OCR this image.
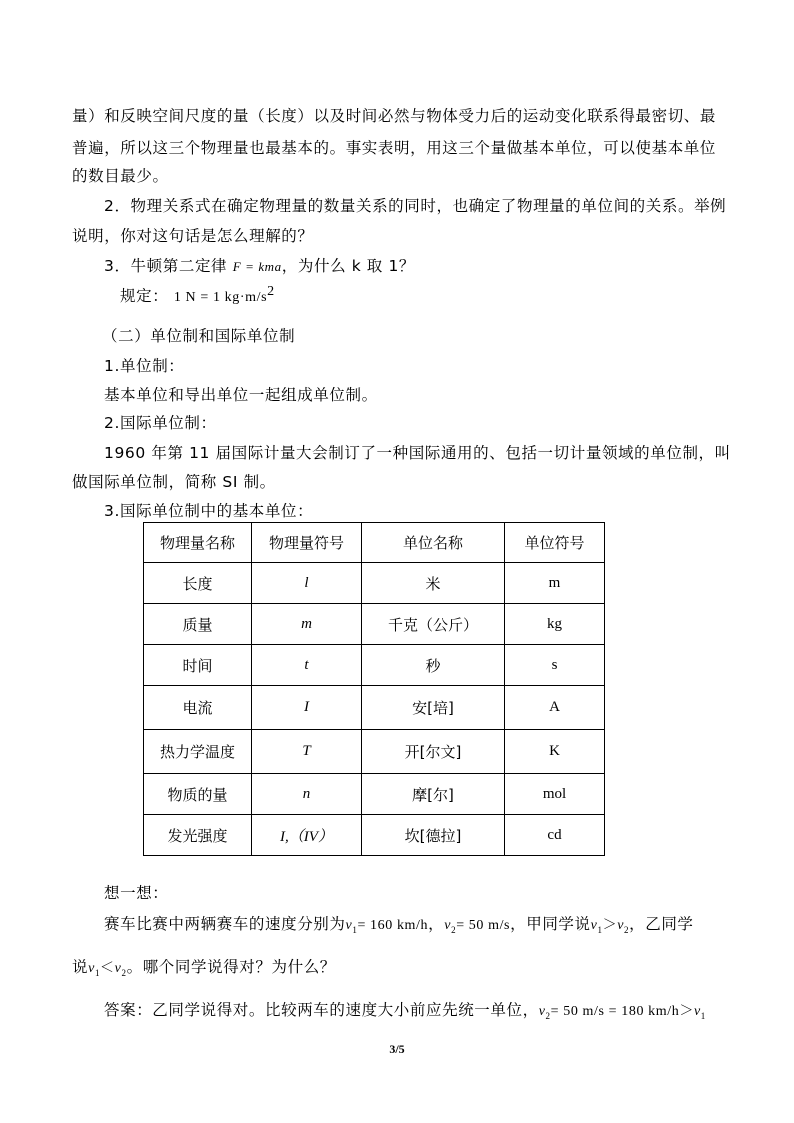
量）和反映空间尺度的量（长度）以及时间必然与物体受力后的运动变化联系得最密切、最
普遍，所以这三个物理量也最基本的。事实表明，用这三个量做基本单位，可以使基本单位
的数目最少。
2．物理关系式在确定物理量的数量关系的同时，也确定了物理量的单位间的关系。举例
说明，你对这句话是怎么理解的？
3．牛顿第二定律 F = kma，为什么 k 取 1？
规定： 1 N = 1 $kg\cdot m/s^2$
（二）单位制和国际单位制
1.单位制：
基本单位和导出单位一起组成单位制。
2.国际单位制：
1960 年第 11 届国际计量大会制订了一种国际通用的、包括一切计量领域的单位制，叫
做国际单位制，简称 SI 制。
3.国际单位制中的基本单位：
物理量名称	物理量符号	单位名称	单位符号
长度	l	米	m
质量	m	千克（公斤）	kg
时间	t	秒	s
电流	I	安[培]	A
热力学温度	T	开[尔文]	K
物质的量	n	摩[尔]	mol
发光强度	I,（IV）	坎[德拉]	cd
想一想：
赛车比赛中两辆赛车的速度分别为$v_1= 160$ km/h，$v_2= 50$ m/s，甲同学说$v_1>v_2$，乙同学
说$v_1<v_2$。哪个同学说得对？为什么？
答案：乙同学说得对。比较两车的速度大小前应先统一单位，$v_2= 50$ m/s = 180 $km/h>v_1$
3/5
